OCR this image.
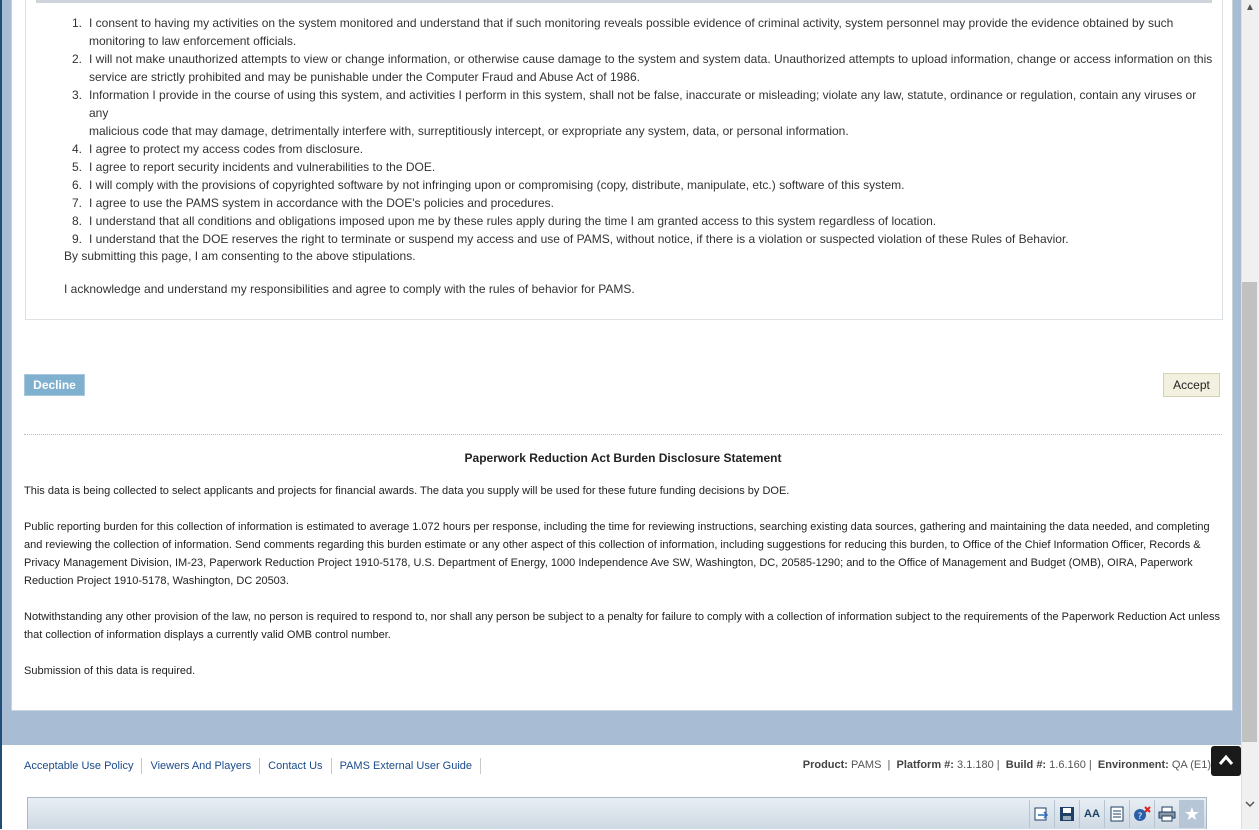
1. I consent to having my activities on the system monitored and understand that if such monitoring reveals possible evidence of criminal activity, system personnel may provide the evidence obtained by such
monitoring to law enforcement officials.
2. I will not make unauthorized attempts to view or change information, or otherwise cause damage to the system and system data. Unauthorized attempts to upload information, change or access information on this
service are strictly prohibited and may be punishable under the Computer Fraud and Abuse Act of 1986.
3. Information I provide in the course of using this system, and activities I perform in this system, shall not be false, inaccurate or misleading; violate any law, statute, ordinance or regulation, contain any viruses or any
malicious code that may damage, detrimentally interfere with, surreptitiously intercept, or expropriate any system, data, or personal information.
4. I agree to protect my access codes from disclosure.
5. I agree to report security incidents and vulnerabilities to the DOE.
6. I will comply with the provisions of copyrighted software by not infringing upon or compromising (copy, distribute, manipulate, etc.) software of this system.
7. I agree to use the PAMS system in accordance with the DOE's policies and procedures.
8. I understand that all conditions and obligations imposed upon me by these rules apply during the time I am granted access to this system regardless of location.
9. I understand that the DOE reserves the right to terminate or suspend my access and use of PAMS, without notice, if there is a violation or suspected violation of these Rules of Behavior.
By submitting this page, I am consenting to the above stipulations.
I acknowledge and understand my responsibilities and agree to comply with the rules of behavior for PAMS.
Decline	Accept
Paperwork Reduction Act Burden Disclosure Statement

This data is being collected to select applicants and projects for financial awards. The data you supply will be used for these future funding decisions by DOE.

Public reporting burden for this collection of information is estimated to average 1.072 hours per response, including the time for reviewing instructions, searching existing data sources, gathering and maintaining the data needed, and completing and reviewing the collection of information. Send comments regarding this burden estimate or any other aspect of this collection of information, including suggestions for reducing this burden, to Office of the Chief Information Officer, Records & Privacy Management Division, IM-23, Paperwork Reduction Project 1910-5178, U.S. Department of Energy, 1000 Independence Ave SW, Washington, DC, 20585-1290; and to the Office of Management and Budget (OMB), OIRA, Paperwork Reduction Project 1910-5178, Washington, DC 20503.

Notwithstanding any other provision of the law, no person is required to respond to, nor shall any person be subject to a penalty for failure to comply with a collection of information subject to the requirements of the Paperwork Reduction Act unless that collection of information displays a currently valid OMB control number.

Submission of this data is required.

Acceptable Use Policy	Viewers And Players	Contact Us	PAMS External User Guide	Product: PAMS  |  Platform #: 3.1.180 |  Build #: 1.6.160 |  Environment: QA (E1)
AA	? ★
▲
